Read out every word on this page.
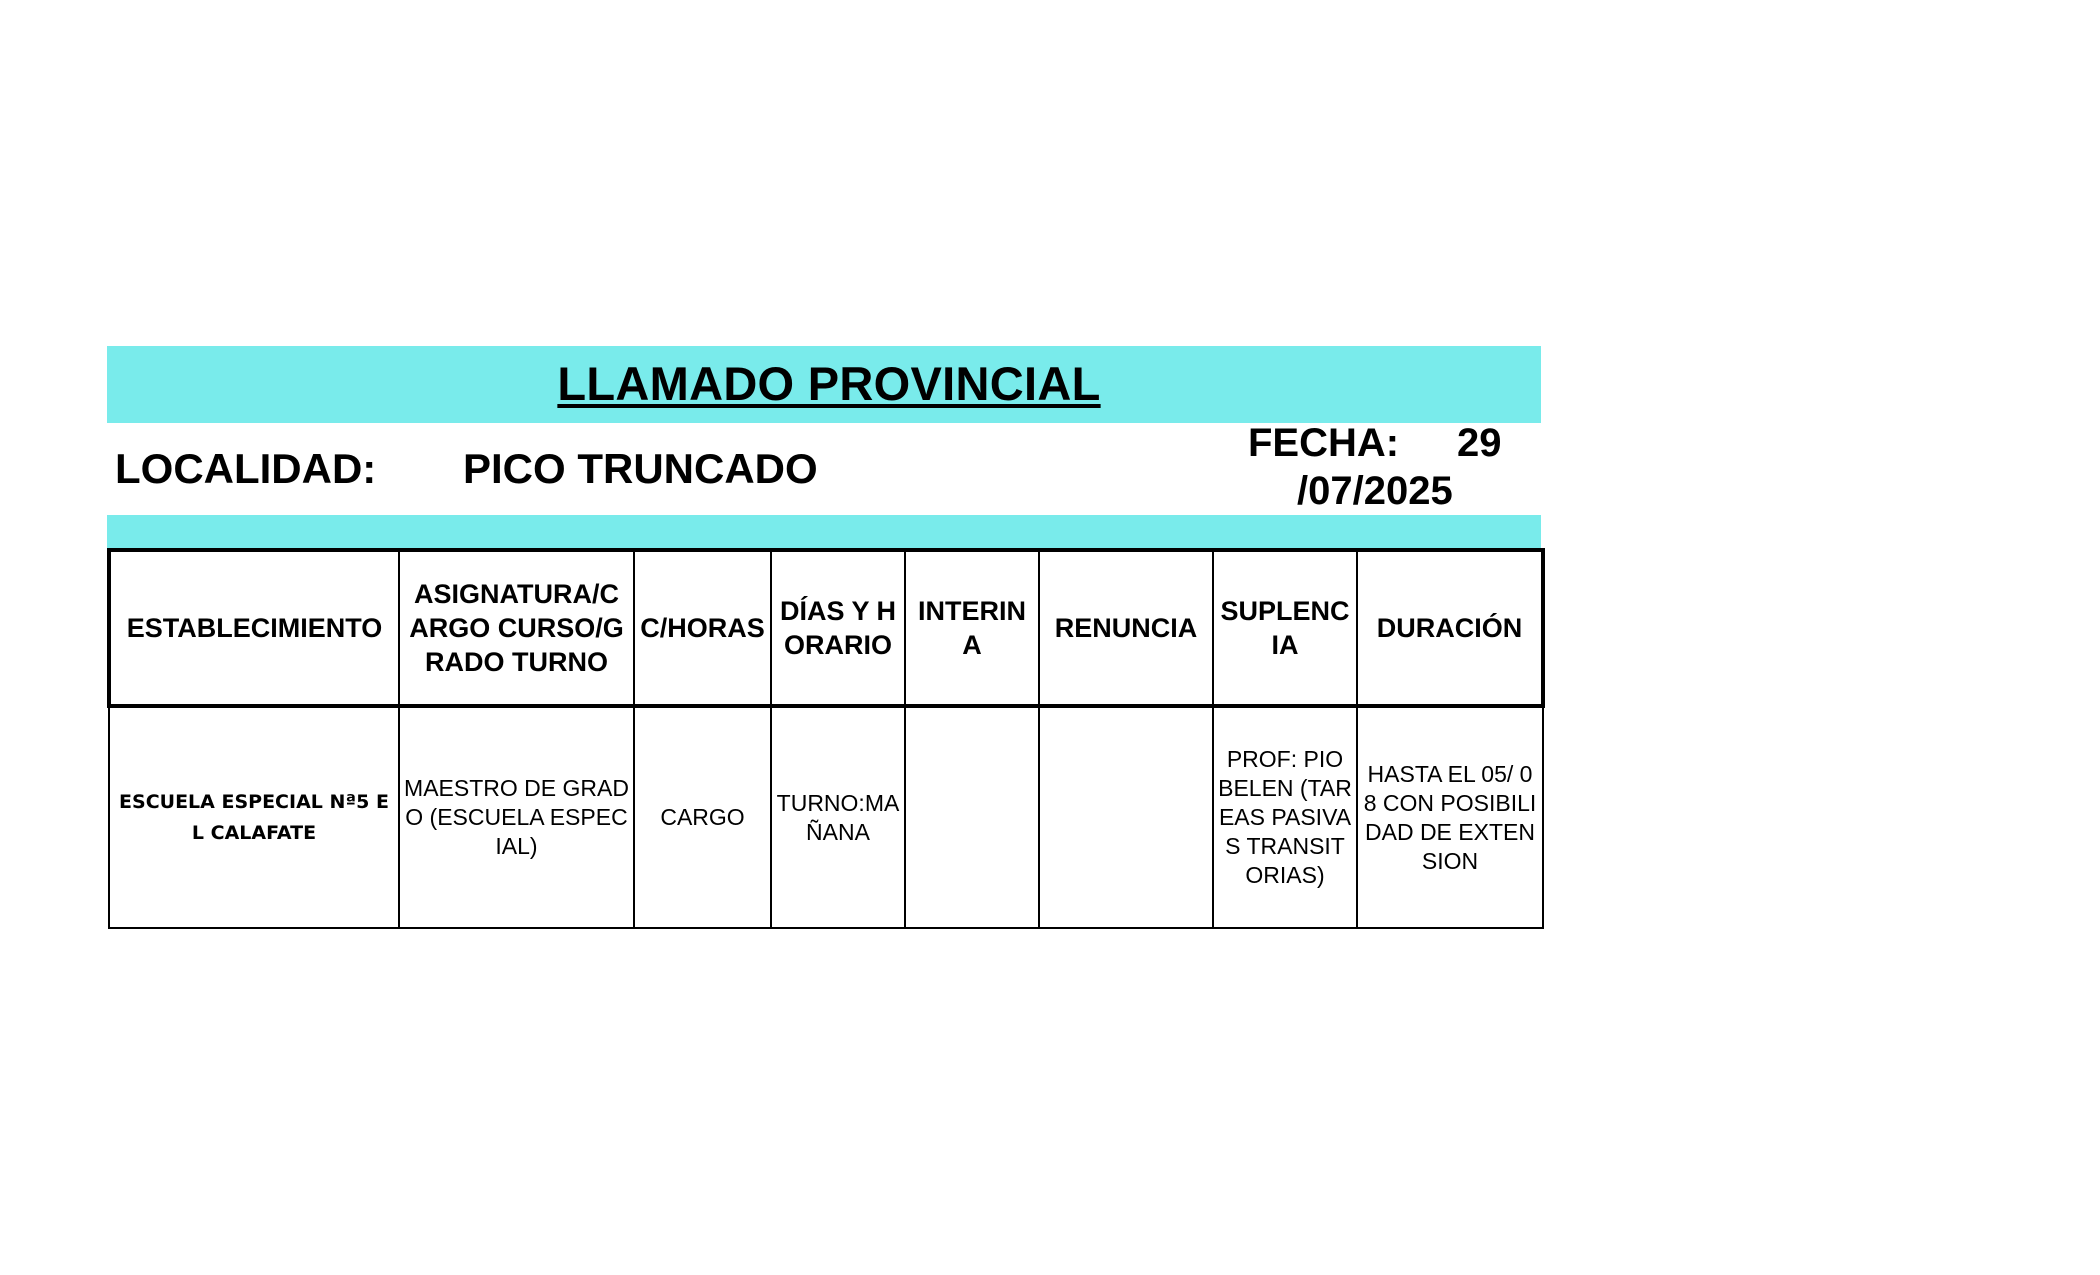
LLAMADO PROVINCIAL
LOCALIDAD: PICO TRUNCADO
FECHA: 29
/07/2025
ESTABLECIMIENTO	ASIGNATURA/C ARGO CURSO/GRADO TURNO	C/HORAS	DÍAS Y HORARIO	INTERINA	RENUNCIA	SUPLENCIA	DURACIÓN
ESCUELA ESPECIAL Nª5 EL CALAFATE	MAESTRO DE GRADO (ESCUELA ESPECIAL)	CARGO	TURNO:MAÑANA			PROF: PIO BELEN (TAREAS PASIVAS TRANSITORIAS)	HASTA EL 05/ 08 CON POSIBILIDAD DE EXTENSION
